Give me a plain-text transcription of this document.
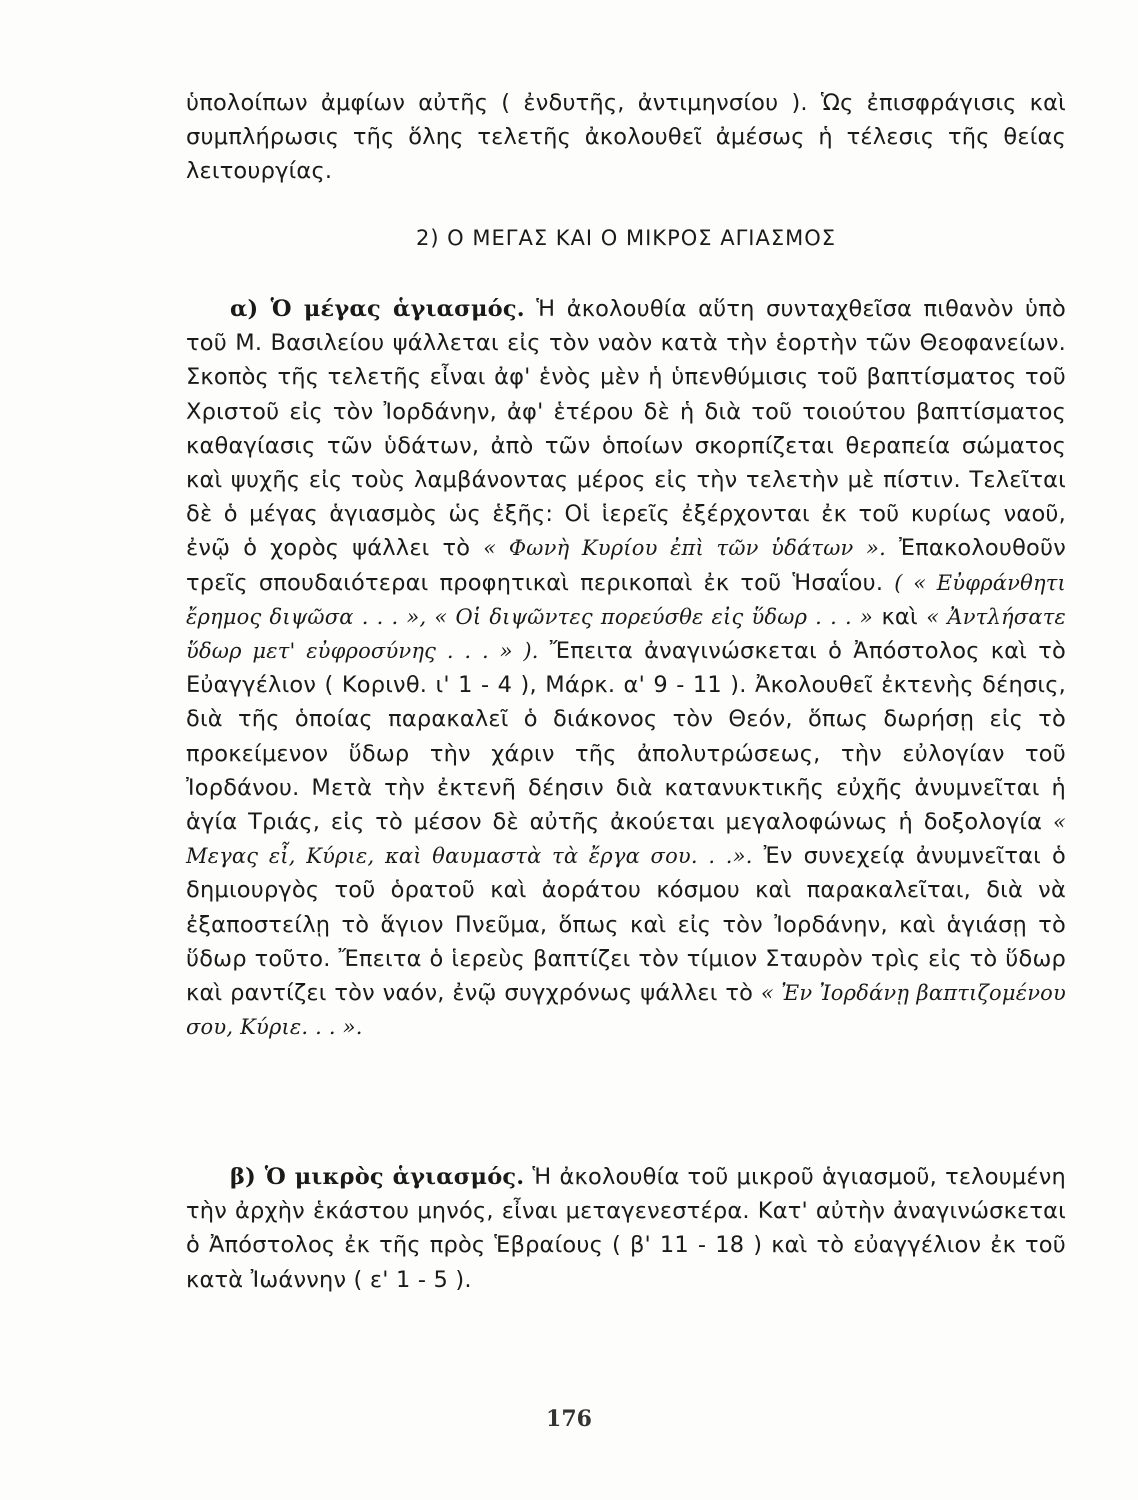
ὑπολοίπων ἀμφίων αὐτῆς ( ἐνδυτῆς, ἀντιμηνσίου ). Ὡς ἐπισφράγισις καὶ συμπλήρωσις τῆς ὅλης τελετῆς ἀκολουθεῖ ἀμέσως ἡ τέλεσις τῆς θείας λειτουργίας.

2) Ο ΜΕΓΑΣ ΚΑΙ Ο ΜΙΚΡΟΣ ΑΓΙΑΣΜΟΣ

α) Ὁ μέγας ἁγιασμός. Ἡ ἀκολουθία αὕτη συνταχθεῖσα πιθανὸν ὑπὸ τοῦ Μ. Βασιλείου ψάλλεται εἰς τὸν ναὸν κατὰ τὴν ἑορτὴν τῶν Θεοφανείων. Σκοπὸς τῆς τελετῆς εἶναι ἀφ' ἑνὸς μὲν ἡ ὑπενθύμισις τοῦ βαπτίσματος τοῦ Χριστοῦ εἰς τὸν Ἰορδάνην, ἀφ' ἑτέρου δὲ ἡ διὰ τοῦ τοιούτου βαπτίσματος καθαγίασις τῶν ὑδάτων, ἀπὸ τῶν ὁποίων σκορπίζεται θεραπεία σώματος καὶ ψυχῆς εἰς τοὺς λαμβάνοντας μέρος εἰς τὴν τελετὴν μὲ πίστιν. Τελεῖται δὲ ὁ μέγας ἁγιασμὸς ὡς ἑξῆς: Οἱ ἱερεῖς ἐξέρχονται ἐκ τοῦ κυρίως ναοῦ, ἐνῷ ὁ χορὸς ψάλλει τὸ « Φωνὴ Κυρίου ἐπὶ τῶν ὑδάτων ». Ἐπακολουθοῦν τρεῖς σπουδαιότεραι προφητικαὶ περικοπαὶ ἐκ τοῦ Ἡσαΐου. ( « Εὐφράνθητι ἔρημος διψῶσα . . . », « Οἱ διψῶντες πορεύσθε εἰς ὕδωρ . . . » καὶ « Ἀντλήσατε ὕδωρ μετ' εὐφροσύνης . . . » ). Ἔπειτα ἀναγινώσκεται ὁ Ἀπόστολος καὶ τὸ Εὐαγγέλιον ( Κορινθ. ι' 1 - 4 ), Μάρκ. α' 9 - 11 ). Ἀκολουθεῖ ἐκτενὴς δέησις, διὰ τῆς ὁποίας παρακαλεῖ ὁ διάκονος τὸν Θεόν, ὅπως δωρήσῃ εἰς τὸ προκείμενον ὕδωρ τὴν χάριν τῆς ἀπολυτρώσεως, τὴν εὐλογίαν τοῦ Ἰορδάνου. Μετὰ τὴν ἐκτενῆ δέησιν διὰ κατανυκτικῆς εὐχῆς ἀνυμνεῖται ἡ ἁγία Τριάς, εἰς τὸ μέσον δὲ αὐτῆς ἀκούεται μεγαλοφώνως ἡ δοξολογία « Μεγας εἶ, Κύριε, καὶ θαυμαστὰ τὰ ἔργα σου. . .». Ἐν συνεχείᾳ ἀνυμνεῖται ὁ δημιουργὸς τοῦ ὁρατοῦ καὶ ἀοράτου κόσμου καὶ παρακαλεῖται, διὰ νὰ ἐξαποστείλῃ τὸ ἅγιον Πνεῦμα, ὅπως καὶ εἰς τὸν Ἰορδάνην, καὶ ἁγιάσῃ τὸ ὕδωρ τοῦτο. Ἔπειτα ὁ ἱερεὺς βαπτίζει τὸν τίμιον Σταυρὸν τρὶς εἰς τὸ ὕδωρ καὶ ραντίζει τὸν ναόν, ἐνῷ συγχρόνως ψάλλει τὸ « Ἐν Ἰορδάνῃ βαπτιζομένου σου, Κύριε. . . ».

β) Ὁ μικρὸς ἁγιασμός. Ἡ ἀκολουθία τοῦ μικροῦ ἁγιασμοῦ, τελουμένη τὴν ἀρχὴν ἑκάστου μηνός, εἶναι μεταγενεστέρα. Κατ' αὐτὴν ἀναγινώσκεται ὁ Ἀπόστολος ἐκ τῆς πρὸς Ἑβραίους ( β' 11 - 18 ) καὶ τὸ εὐαγγέλιον ἐκ τοῦ κατὰ Ἰωάννην ( ε' 1 - 5 ).

176
